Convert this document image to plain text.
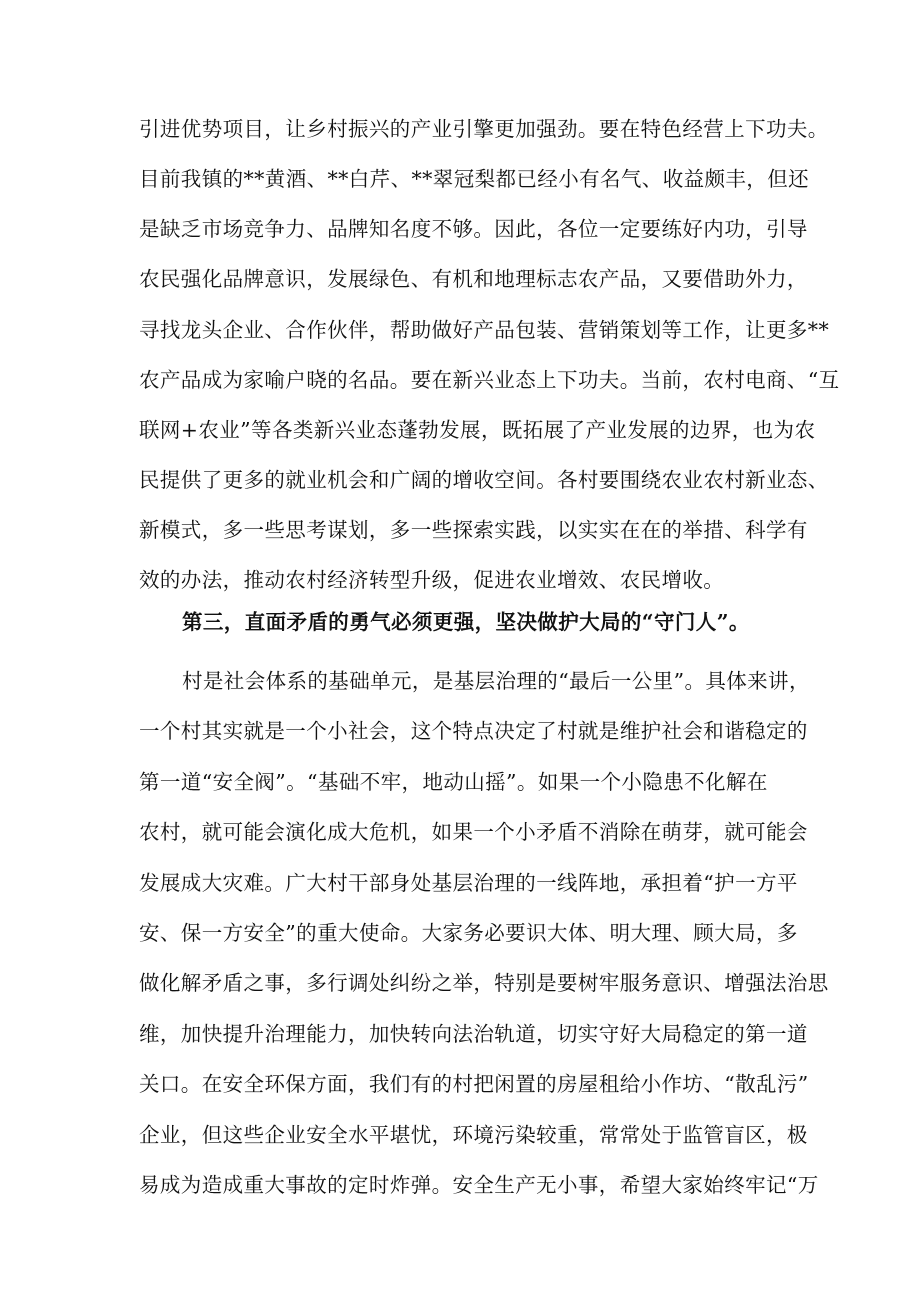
引进优势项目，让乡村振兴的产业引擎更加强劲。要在特色经营上下功夫。
目前我镇的**黄酒、**白芹、**翠冠梨都已经小有名气、收益颇丰，但还
是缺乏市场竞争力、品牌知名度不够。因此，各位一定要练好内功，引导
农民强化品牌意识，发展绿色、有机和地理标志农产品，又要借助外力，
寻找龙头企业、合作伙伴，帮助做好产品包装、营销策划等工作，让更多**
农产品成为家喻户晓的名品。要在新兴业态上下功夫。当前，农村电商、“互
联网+农业”等各类新兴业态蓬勃发展，既拓展了产业发展的边界，也为农
民提供了更多的就业机会和广阔的增收空间。各村要围绕农业农村新业态、
新模式，多一些思考谋划，多一些探索实践，以实实在在的举措、科学有
效的办法，推动农村经济转型升级，促进农业增效、农民增收。
第三，直面矛盾的勇气必须更强，坚决做护大局的“守门人”。
村是社会体系的基础单元，是基层治理的“最后一公里”。具体来讲，
一个村其实就是一个小社会，这个特点决定了村就是维护社会和谐稳定的
第一道“安全阀”。“基础不牢，地动山摇”。如果一个小隐患不化解在
农村，就可能会演化成大危机，如果一个小矛盾不消除在萌芽，就可能会
发展成大灾难。广大村干部身处基层治理的一线阵地，承担着“护一方平
安、保一方安全”的重大使命。大家务必要识大体、明大理、顾大局，多
做化解矛盾之事，多行调处纠纷之举，特别是要树牢服务意识、增强法治思
维，加快提升治理能力，加快转向法治轨道，切实守好大局稳定的第一道
关口。在安全环保方面，我们有的村把闲置的房屋租给小作坊、“散乱污”
企业，但这些企业安全水平堪忧，环境污染较重，常常处于监管盲区，极
易成为造成重大事故的定时炸弹。安全生产无小事，希望大家始终牢记“万
